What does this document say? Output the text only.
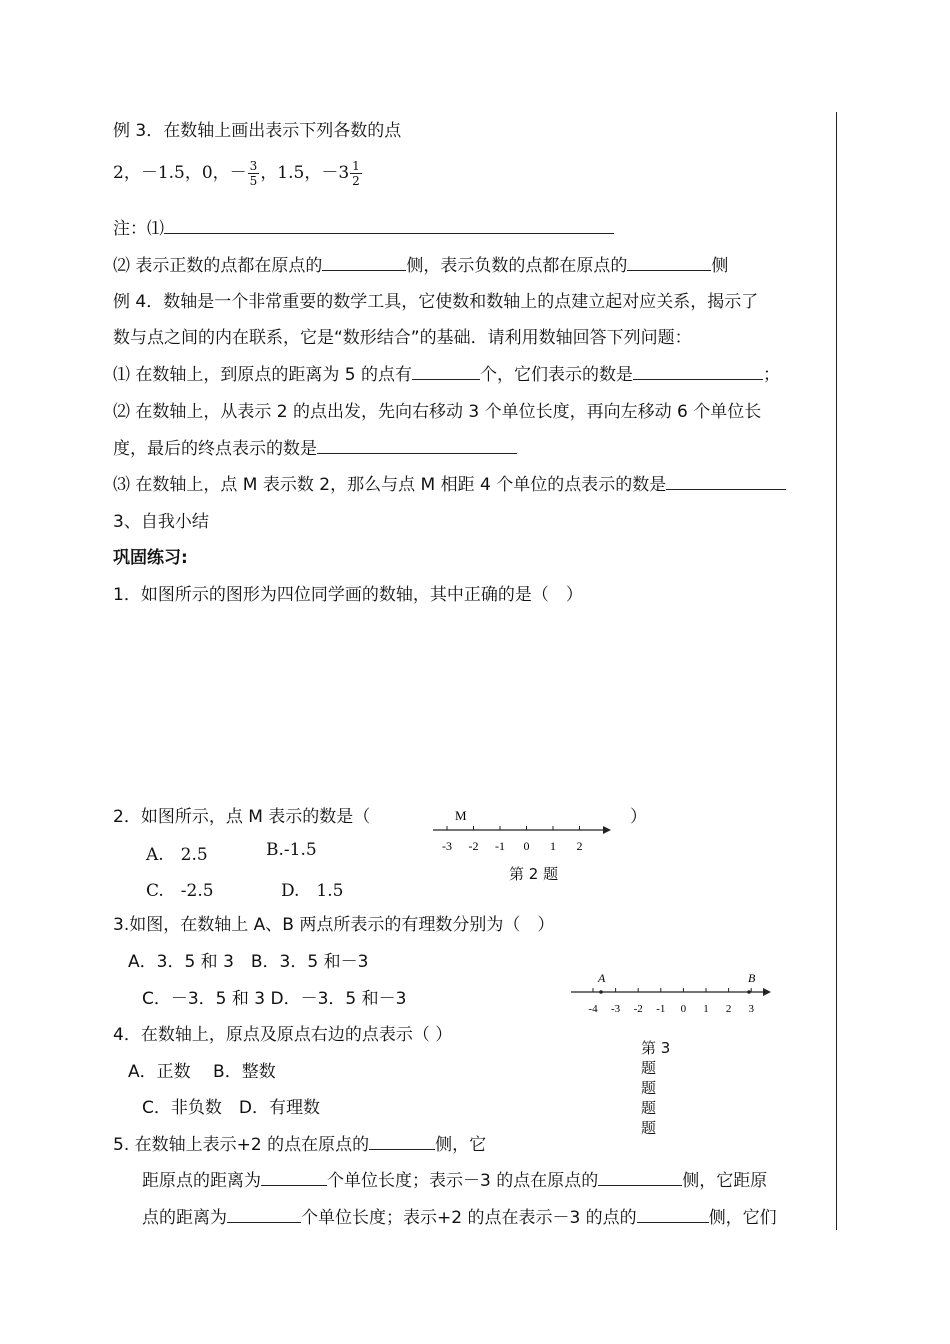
例 3．在数轴上画出表示下列各数的点
2，－1.5，0，－ $\frac{3}{5}$ ，1.5，$-3 \frac{1}{2}$
注：⑴
⑵ 表示正数的点都在原点的	侧，表示负数的点都在原点的	侧
例 4．数轴是一个非常重要的数学工具，它使数和数轴上的点建立起对应关系，揭示了
数与点之间的内在联系，它是“数形结合”的基础．请利用数轴回答下列问题：
⑴ 在数轴上，到原点的距离为 5 的点有	个，它们表示的数是	；
⑵ 在数轴上，从表示 2 的点出发，先向右移动 3 个单位长度，再向左移动 6 个单位长
度，最后的终点表示的数是
⑶ 在数轴上，点 M 表示数 2，那么与点 M 相距 4 个单位的点表示的数是
3、自我小结
巩固练习:
1．如图所示的图形为四位同学画的数轴，其中正确的是（　）
2．如图所示，点 M 表示的数是（	）
A.　2.5	B.-1.5
C.　-2.5	D.　1.5
-3 -2 -1 0 1 2
M
第 2 题
3.如图，在数轴上 A、B 两点所表示的有理数分别为（　）
A．3．5 和 3　B．3．5 和－3
C．－3．5 和 3 D．－3．5 和－3	-4 -3 -2 -1 0 1 2 3
A	B
第 3
题
题
题
题
4．在数轴上，原点及原点右边的点表示（ ）
A．正数　 B．整数
C．非负数　D．有理数
5. 在数轴上表示+2 的点在原点的	侧，它
距原点的距离为	个单位长度；表示－3 的点在原点的	侧，它距原
点的距离为	个单位长度；表示+2 的点在表示－3 的点的	侧，它们
